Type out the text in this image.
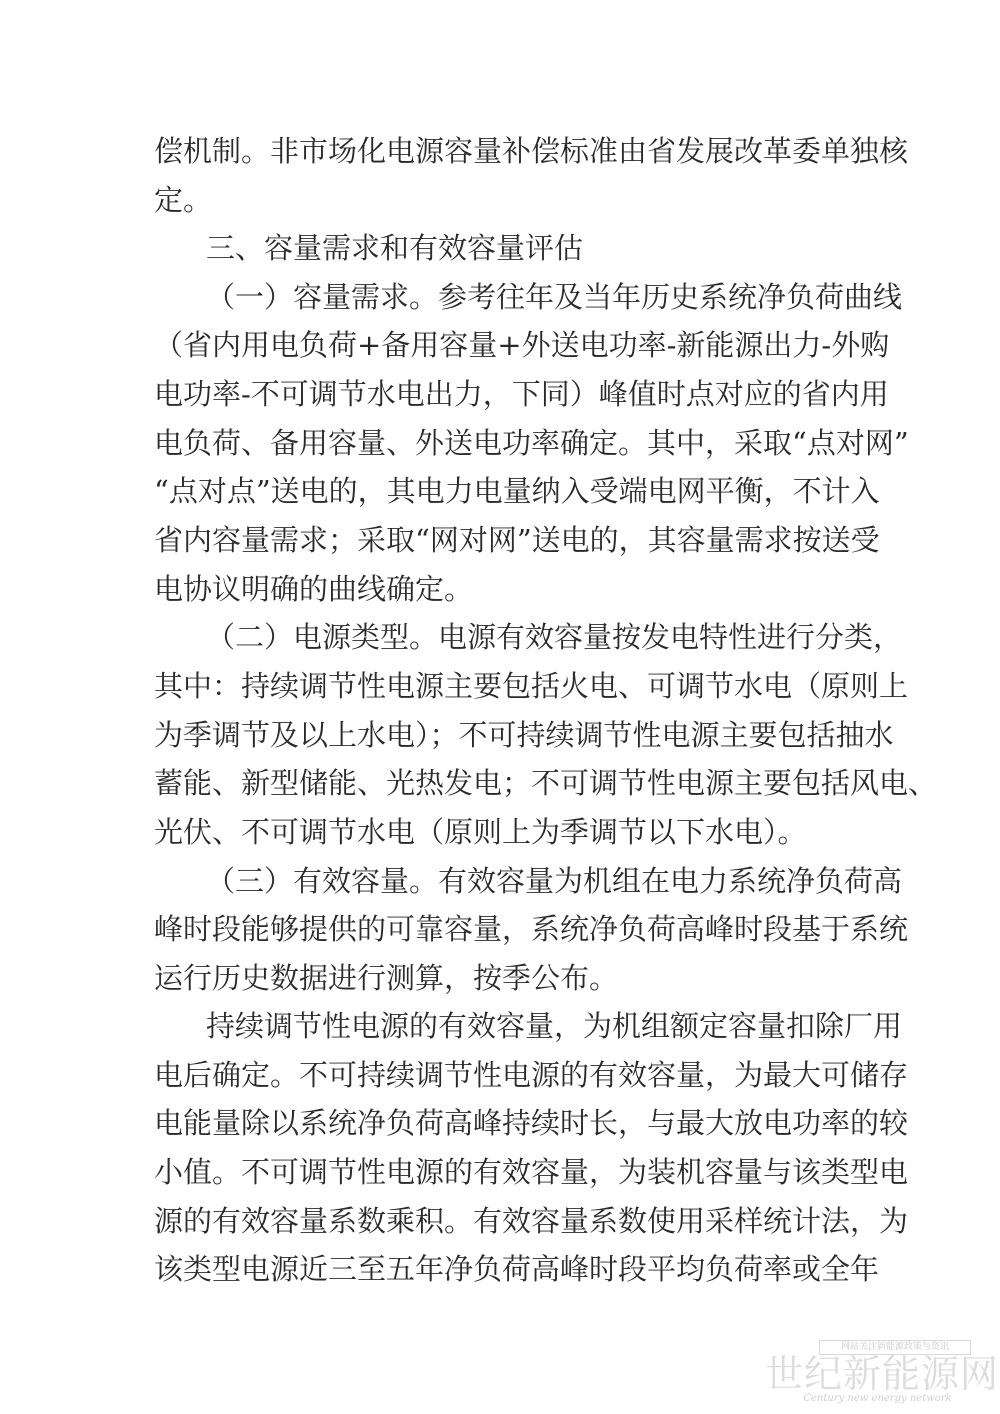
偿机制。非市场化电源容量补偿标准由省发展改革委单独核
定。
三、容量需求和有效容量评估
（一）容量需求。参考往年及当年历史系统净负荷曲线
（省内用电负荷+备用容量+外送电功率-新能源出力-外购
电功率-不可调节水电出力，下同）峰值时点对应的省内用
电负荷、备用容量、外送电功率确定。其中，采取“点对网”
“点对点”送电的，其电力电量纳入受端电网平衡，不计入
省内容量需求；采取“网对网”送电的，其容量需求按送受
电协议明确的曲线确定。
（二）电源类型。电源有效容量按发电特性进行分类，
其中：持续调节性电源主要包括火电、可调节水电（原则上
为季调节及以上水电）；不可持续调节性电源主要包括抽水
蓄能、新型储能、光热发电；不可调节性电源主要包括风电、
光伏、不可调节水电（原则上为季调节以下水电）。
（三）有效容量。有效容量为机组在电力系统净负荷高
峰时段能够提供的可靠容量，系统净负荷高峰时段基于系统
运行历史数据进行测算，按季公布。
持续调节性电源的有效容量，为机组额定容量扣除厂用
电后确定。不可持续调节性电源的有效容量，为最大可储存
电能量除以系统净负荷高峰持续时长，与最大放电功率的较
小值。不可调节性电源的有效容量，为装机容量与该类型电
源的有效容量系数乘积。有效容量系数使用采样统计法，为
该类型电源近三至五年净负荷高峰时段平均负荷率或全年
网站关注新能源政策与资讯
世纪新能源网
Century new energy network
